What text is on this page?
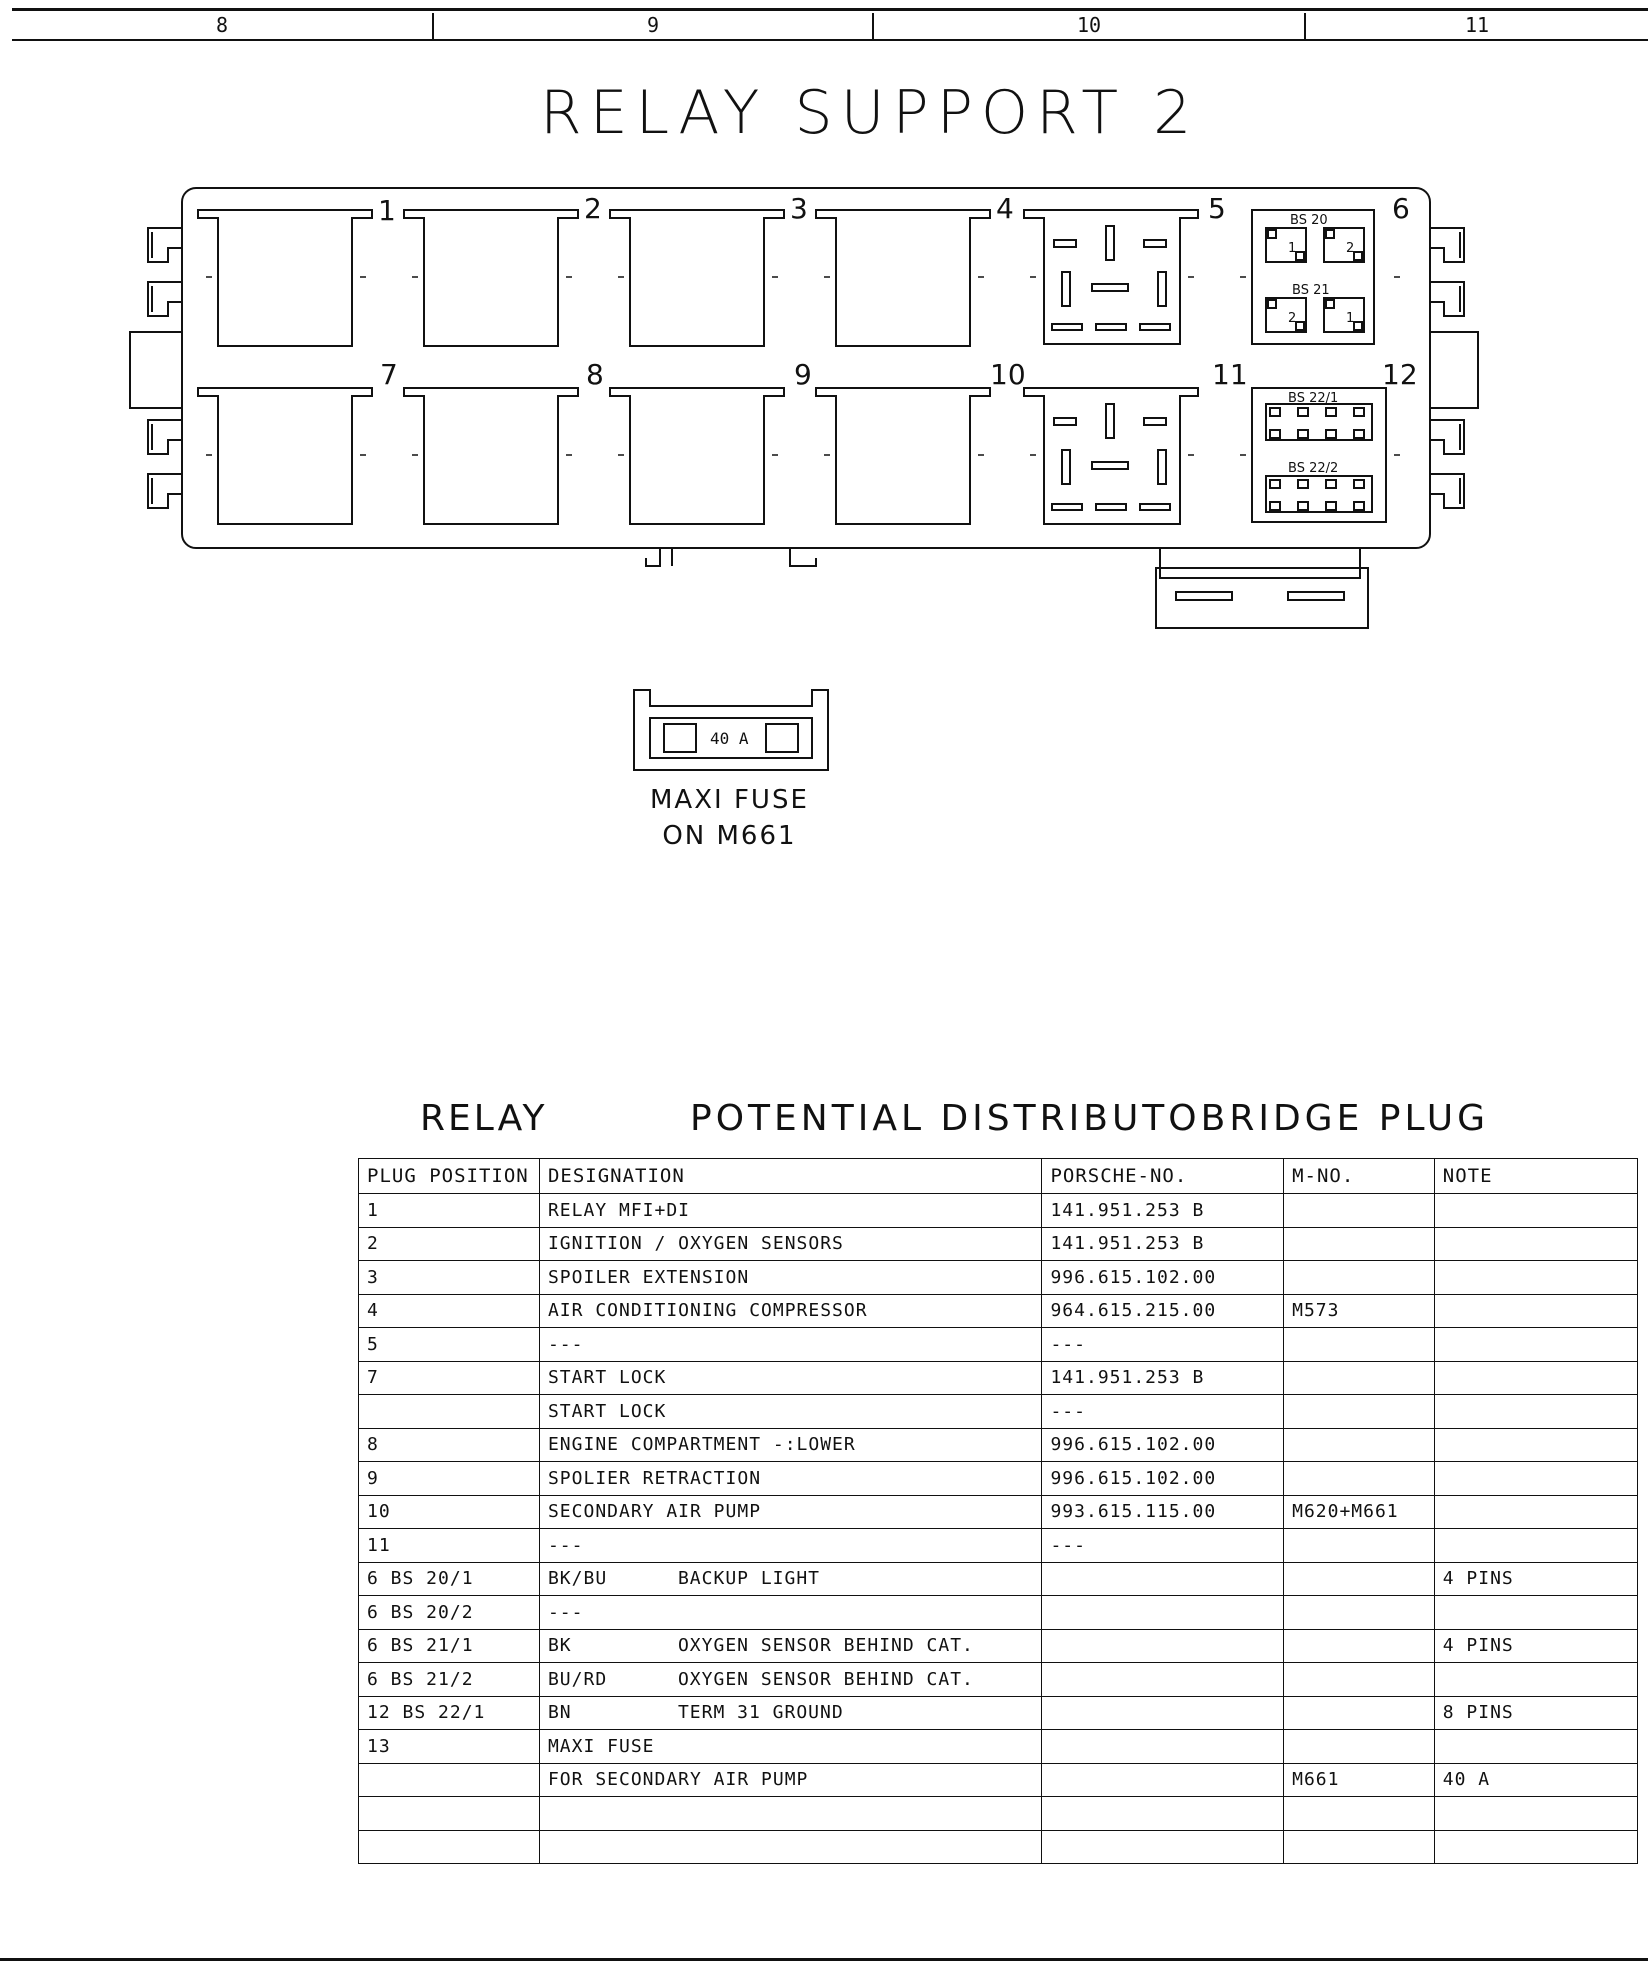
8	9	10	11
RELAY SUPPORT 2
1	2	3	4	5	6
7	8	9	10	11	12
BS 20
BS 21
BS 22/1
BS 22/2
1	2
2	1
40 A
MAXI FUSE
ON M661
RELAY	POTENTIAL DISTRIBUTOBRIDGE PLUG
PLUG POSITION	DESIGNATION	PORSCHE-NO.	M-NO.	NOTE
1	RELAY MFI+DI	141.951.253 B		
2	IGNITION / OXYGEN SENSORS	141.951.253 B		
3	SPOILER EXTENSION	996.615.102.00		
4	AIR CONDITIONING COMPRESSOR	964.615.215.00	M573	
5	---	---		
7	START LOCK	141.951.253 B		
	START LOCK	---		
8	ENGINE COMPARTMENT -:LOWER	996.615.102.00		
9	SPOLIER RETRACTION	996.615.102.00		
10	SECONDARY AIR PUMP	993.615.115.00	M620+M661	
11	---	---		
6 BS 20/1	BK/BU BACKUP LIGHT			4 PINS
6 BS 20/2	---			
6 BS 21/1	BK OXYGEN SENSOR BEHIND CAT.			4 PINS
6 BS 21/2	BU/RD OXYGEN SENSOR BEHIND CAT.			
12 BS 22/1	BN TERM 31 GROUND			8 PINS
13	MAXI FUSE			
	FOR SECONDARY AIR PUMP		M661	40 A
